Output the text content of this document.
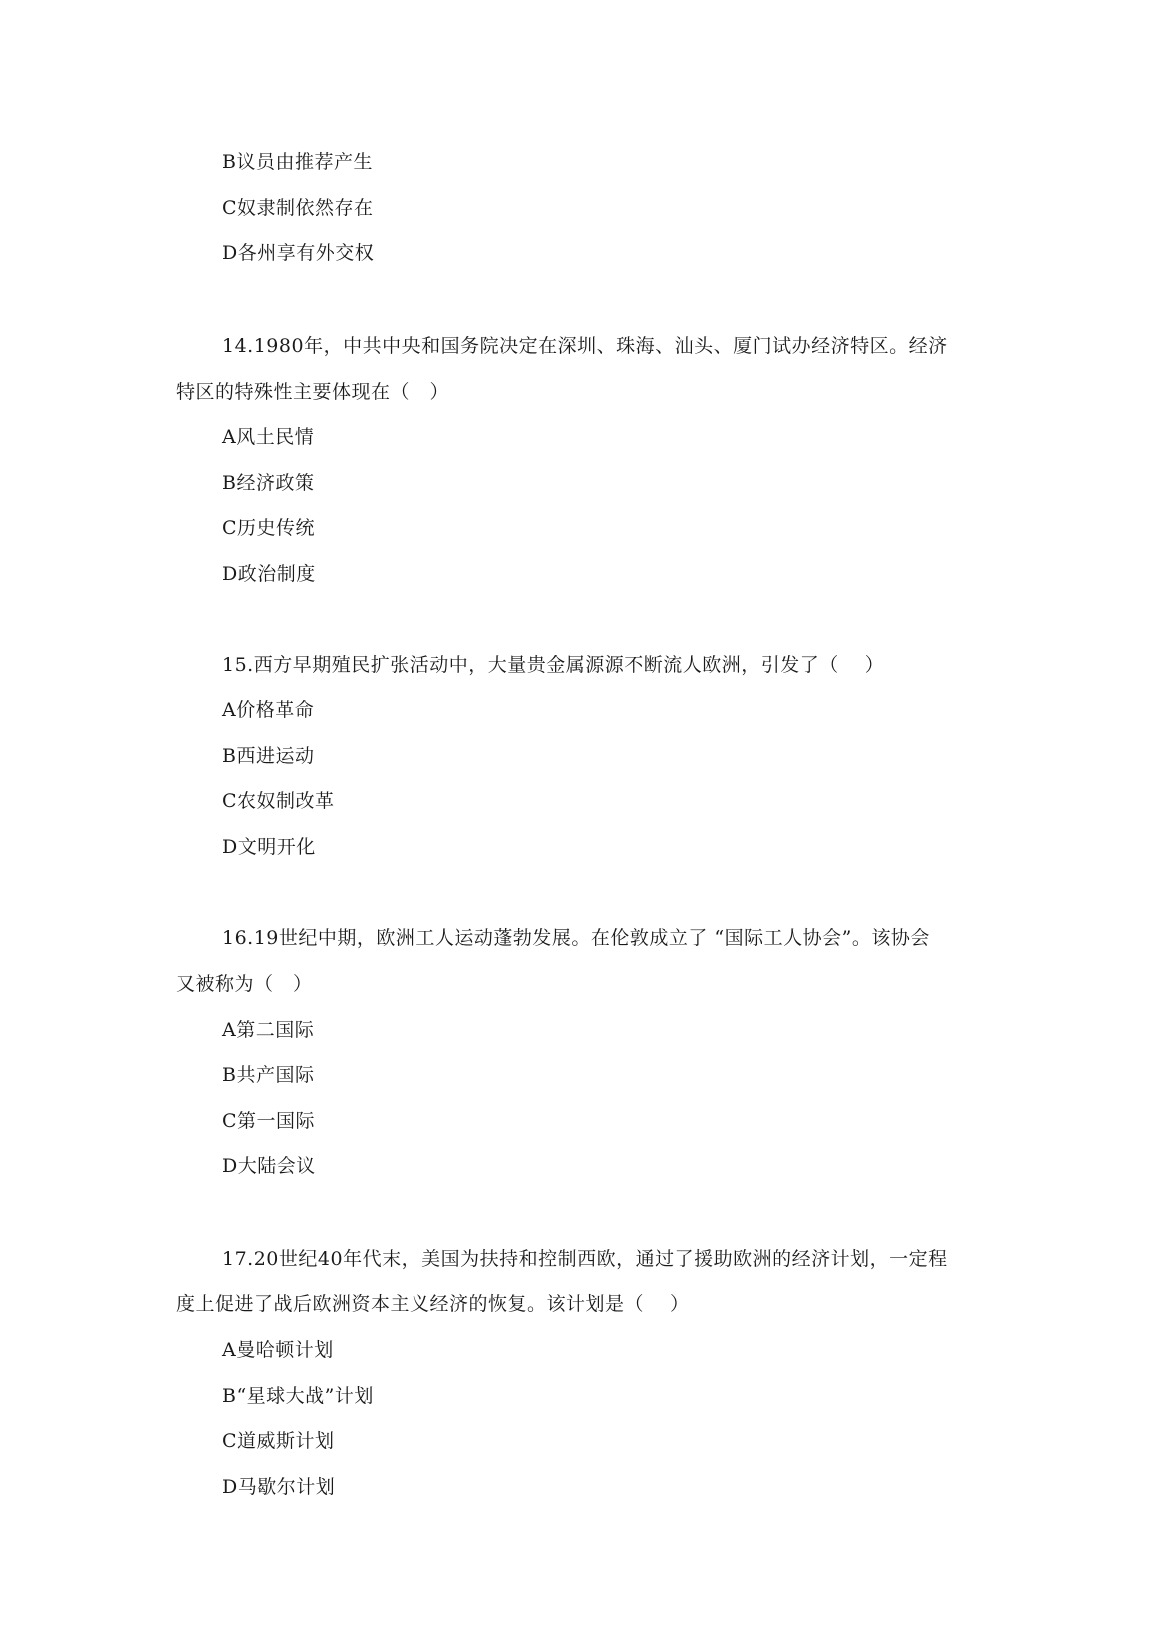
B议员由推荐产生
C奴隶制依然存在
D各州享有外交权
14.1980年，中共中央和国务院决定在深圳、珠海、汕头、厦门试办经济特区。经济
特区的特殊性主要体现在（　）
A风土民情
B经济政策
C历史传统
D政治制度
15.西方早期殖民扩张活动中，大量贵金属源源不断流人欧洲，引发了（　 ）
A价格革命
B西进运动
C农奴制改革
D文明开化
16.19世纪中期，欧洲工人运动蓬勃发展。在伦敦成立了 “国际工人协会”。该协会
又被称为（　）
A第二国际
B共产国际
C第一国际
D大陆会议
17.20世纪40年代末，美国为扶持和控制西欧，通过了援助欧洲的经济计划，一定程
度上促进了战后欧洲资本主义经济的恢复。该计划是（　 ）
A曼哈顿计划
B“星球大战”计划
C道威斯计划
D马歇尔计划
